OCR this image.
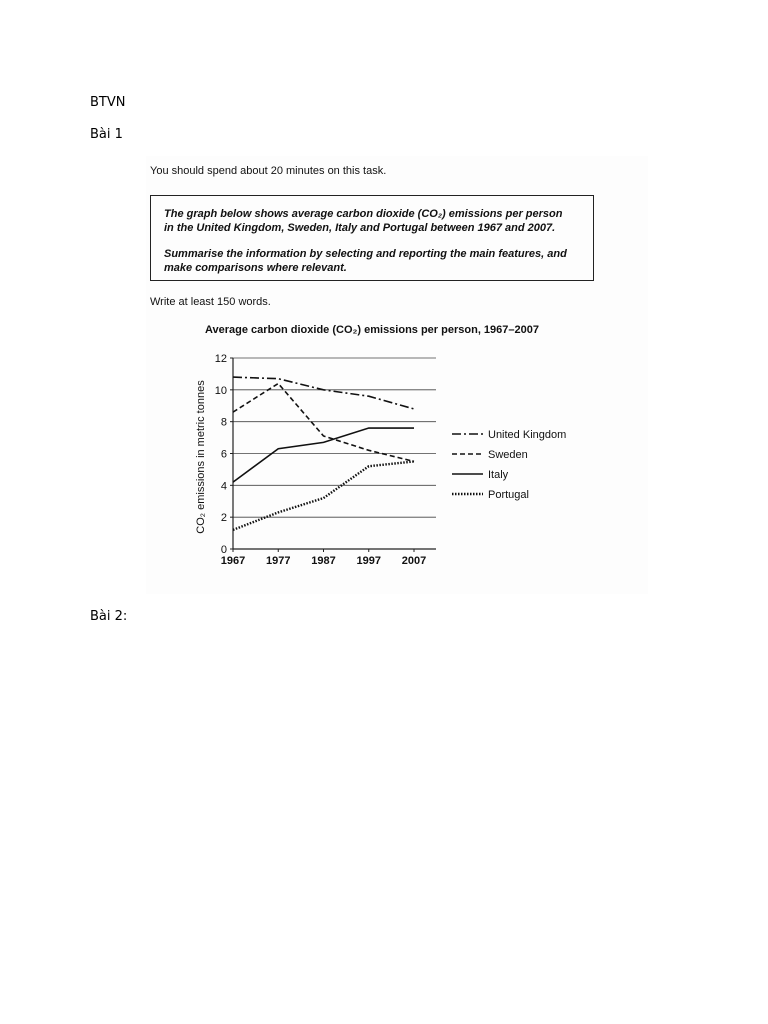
BTVN
Bài 1
You should spend about 20 minutes on this task.
The graph below shows average carbon dioxide (CO₂) emissions per person
in the United Kingdom, Sweden, Italy and Portugal between 1967 and 2007.
Summarise the information by selecting and reporting the main features, and
make comparisons where relevant.
Write at least 150 words.
Average carbon dioxide (CO₂) emissions per person, 1967–2007
CO₂ emissions in metric tonnes
0
2
4
6
8
10
12
1967 1977 1987 1997 2007
United Kingdom
Sweden
Italy
Portugal
Bài 2:
